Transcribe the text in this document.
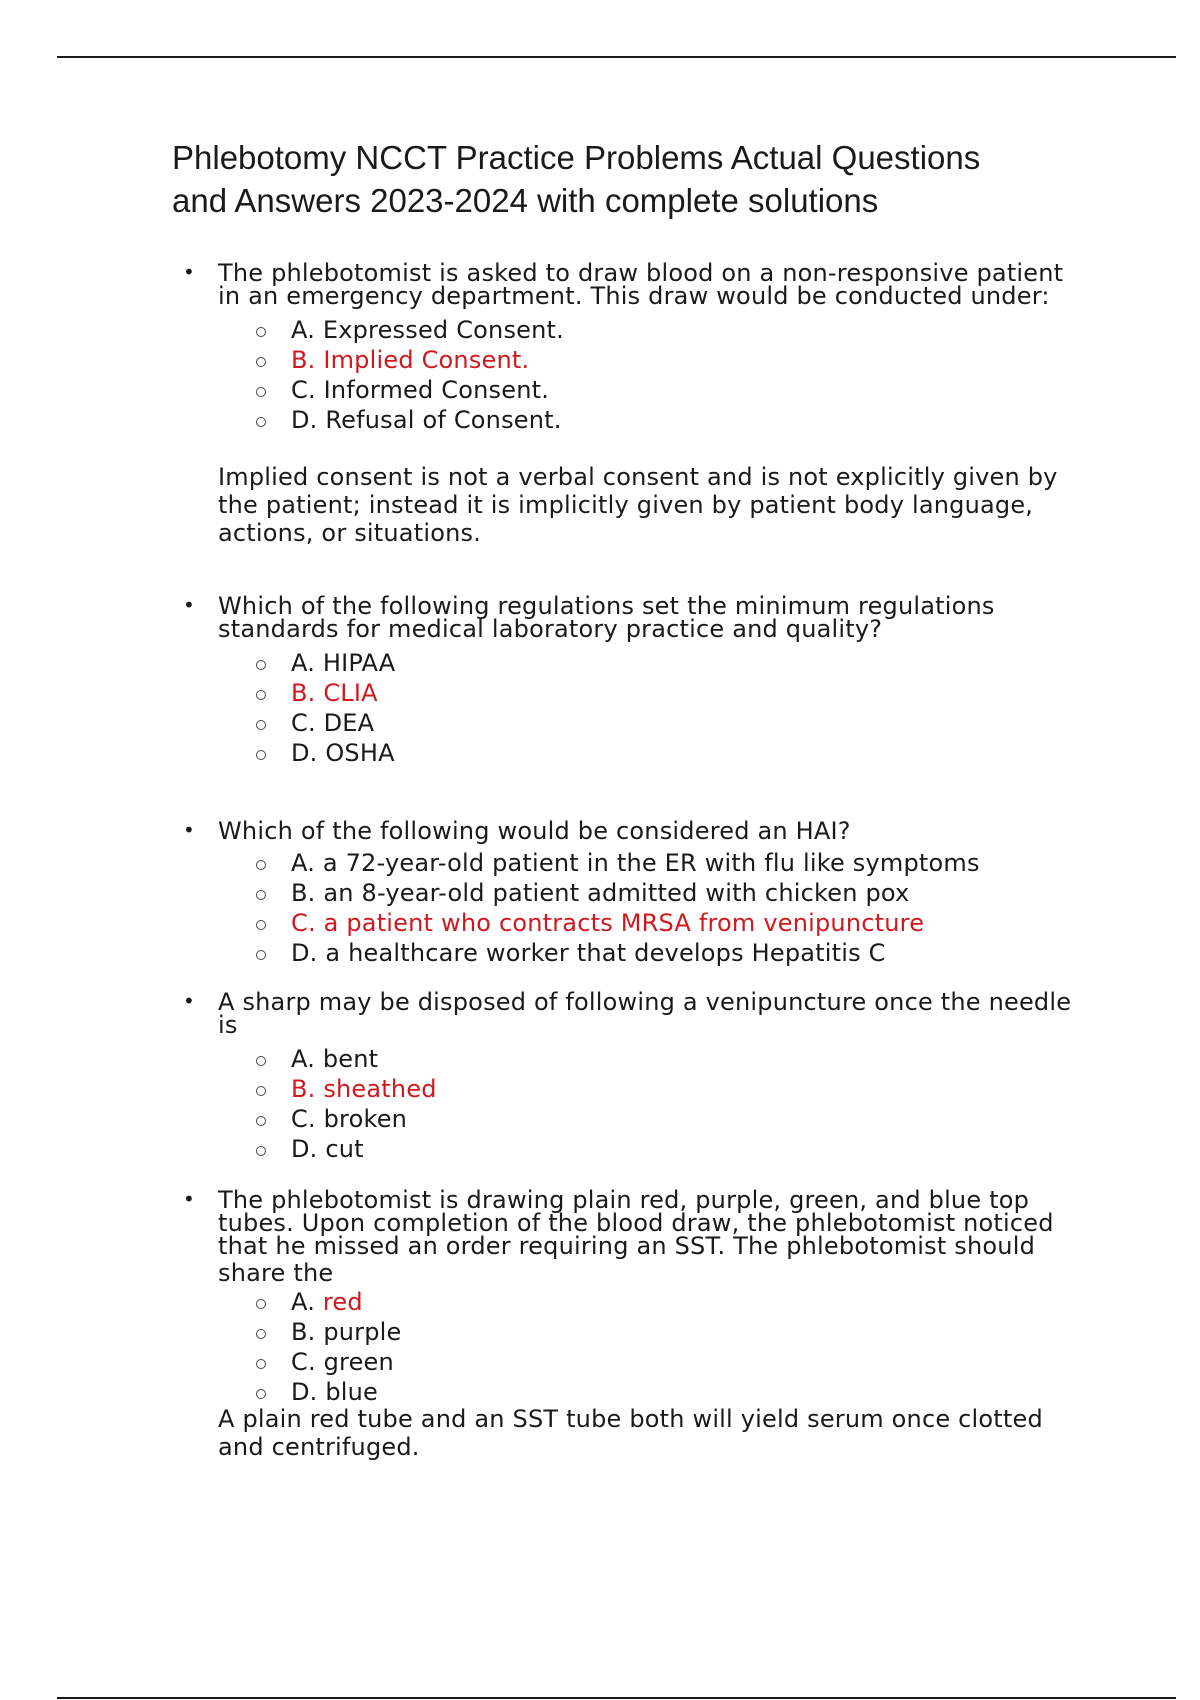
Phlebotomy NCCT Practice Problems Actual Questions
and Answers 2023-2024 with complete solutions
• The phlebotomist is asked to draw blood on a non-responsive patient in an emergency department. This draw would be conducted under:
A. Expressed Consent.
B. Implied Consent.
C. Informed Consent.
D. Refusal of Consent.
Implied consent is not a verbal consent and is not explicitly given by the patient; instead it is implicitly given by patient body language, actions, or situations.
• Which of the following regulations set the minimum regulations standards for medical laboratory practice and quality?
A. HIPAA
B. CLIA
C. DEA
D. OSHA
• Which of the following would be considered an HAI?
A. a 72-year-old patient in the ER with flu like symptoms
B. an 8-year-old patient admitted with chicken pox
C. a patient who contracts MRSA from venipuncture
D. a healthcare worker that develops Hepatitis C
• A sharp may be disposed of following a venipuncture once the needle is
A. bent
B. sheathed
C. broken
D. cut
• The phlebotomist is drawing plain red, purple, green, and blue top tubes. Upon completion of the blood draw, the phlebotomist noticed that he missed an order requiring an SST. The phlebotomist should
share the
A. red
B. purple
C. green
D. blue
A plain red tube and an SST tube both will yield serum once clotted and centrifuged.
